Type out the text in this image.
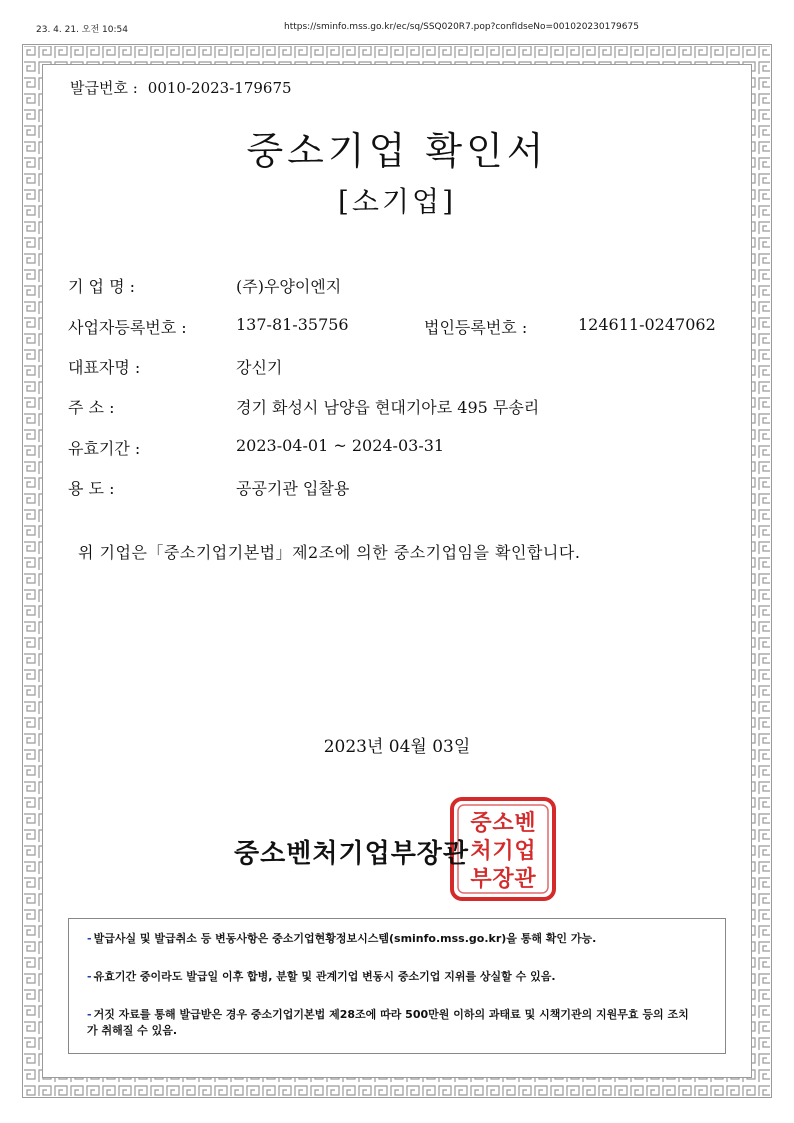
23. 4. 21. 오전 10:54	https://sminfo.mss.go.kr/ec/sq/SSQ020R7.pop?confIdseNo=001020230179675
발급번호 : 0010-2023-179675
중소기업 확인서
[소기업]
기 업 명 :	(주)우양이엔지
사업자등록번호 :	137-81-35756	법인등록번호 :	124611-0247062
대표자명 :	강신기
주 소 :	경기 화성시 남양읍 현대기아로 495 무송리
유효기간 :	2023-04-01 ~ 2024-03-31
용 도 :	공공기관 입찰용
위 기업은「중소기업기본법」제2조에 의한 중소기업임을 확인합니다.
2023년 04월 03일
중 소 벤
처 기 업
부 장 관
중소벤처기업부장관
- 발급사실 및 발급취소 등 변동사항은 중소기업현황정보시스템(sminfo.mss.go.kr)을 통해 확인 가능.
- 유효기간 중이라도 발급일 이후 합병, 분할 및 관계기업 변동시 중소기업 지위를 상실할 수 있음.
- 거짓 자료를 통해 발급받은 경우 중소기업기본법 제28조에 따라 500만원 이하의 과태료 및 시책기관의 지원무효 등의 조치가 취해질 수 있음.
